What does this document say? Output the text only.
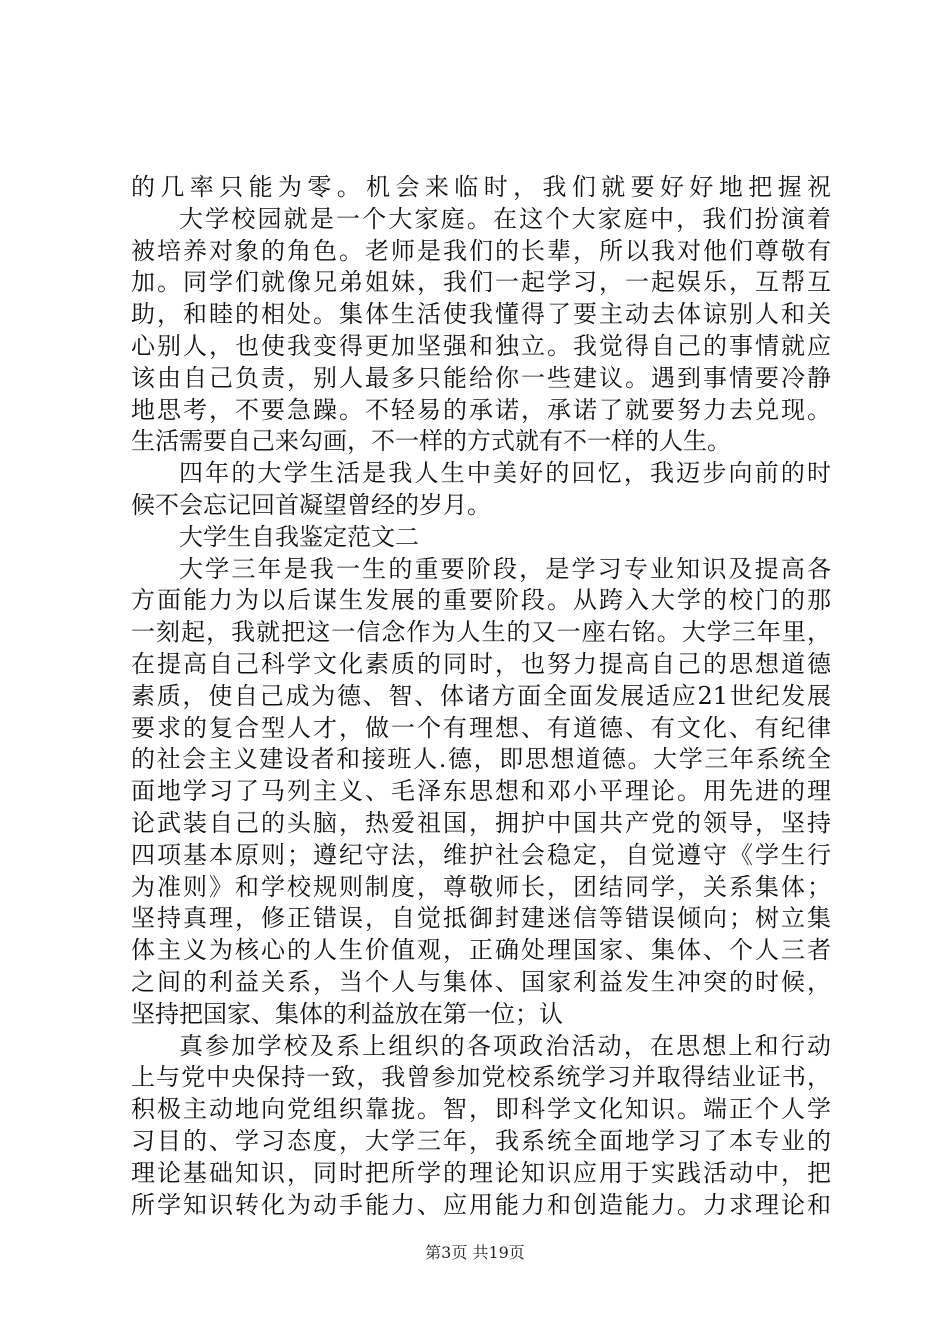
的几率只能为零。机会来临时，我们就要好好地把握祝
大学校园就是一个大家庭。在这个大家庭中，我们扮演着
被培养对象的角色。老师是我们的长辈，所以我对他们尊敬有
加。同学们就像兄弟姐妹，我们一起学习，一起娱乐，互帮互
助，和睦的相处。集体生活使我懂得了要主动去体谅别人和关
心别人，也使我变得更加坚强和独立。我觉得自己的事情就应
该由自己负责，别人最多只能给你一些建议。遇到事情要冷静
地思考，不要急躁。不轻易的承诺，承诺了就要努力去兑现。
生活需要自己来勾画，不一样的方式就有不一样的人生。
四年的大学生活是我人生中美好的回忆，我迈步向前的时
候不会忘记回首凝望曾经的岁月。
大学生自我鉴定范文二
大学三年是我一生的重要阶段，是学习专业知识及提高各
方面能力为以后谋生发展的重要阶段。从跨入大学的校门的那
一刻起，我就把这一信念作为人生的又一座右铭。大学三年里，
在提高自己科学文化素质的同时，也努力提高自己的思想道德
素质，使自己成为德、智、体诸方面全面发展适应21世纪发展
要求的复合型人才，做一个有理想、有道德、有文化、有纪律
的社会主义建设者和接班人.德，即思想道德。大学三年系统全
面地学习了马列主义、毛泽东思想和邓小平理论。用先进的理
论武装自己的头脑，热爱祖国，拥护中国共产党的领导，坚持
四项基本原则；遵纪守法，维护社会稳定，自觉遵守《学生行
为准则》和学校规则制度，尊敬师长，团结同学，关系集体；
坚持真理，修正错误，自觉抵御封建迷信等错误倾向；树立集
体主义为核心的人生价值观，正确处理国家、集体、个人三者
之间的利益关系，当个人与集体、国家利益发生冲突的时候，
坚持把国家、集体的利益放在第一位；认
真参加学校及系上组织的各项政治活动，在思想上和行动
上与党中央保持一致，我曾参加党校系统学习并取得结业证书，
积极主动地向党组织靠拢。智，即科学文化知识。端正个人学
习目的、学习态度，大学三年，我系统全面地学习了本专业的
理论基础知识，同时把所学的理论知识应用于实践活动中，把
所学知识转化为动手能力、应用能力和创造能力。力求理论和
第3页 共19页
